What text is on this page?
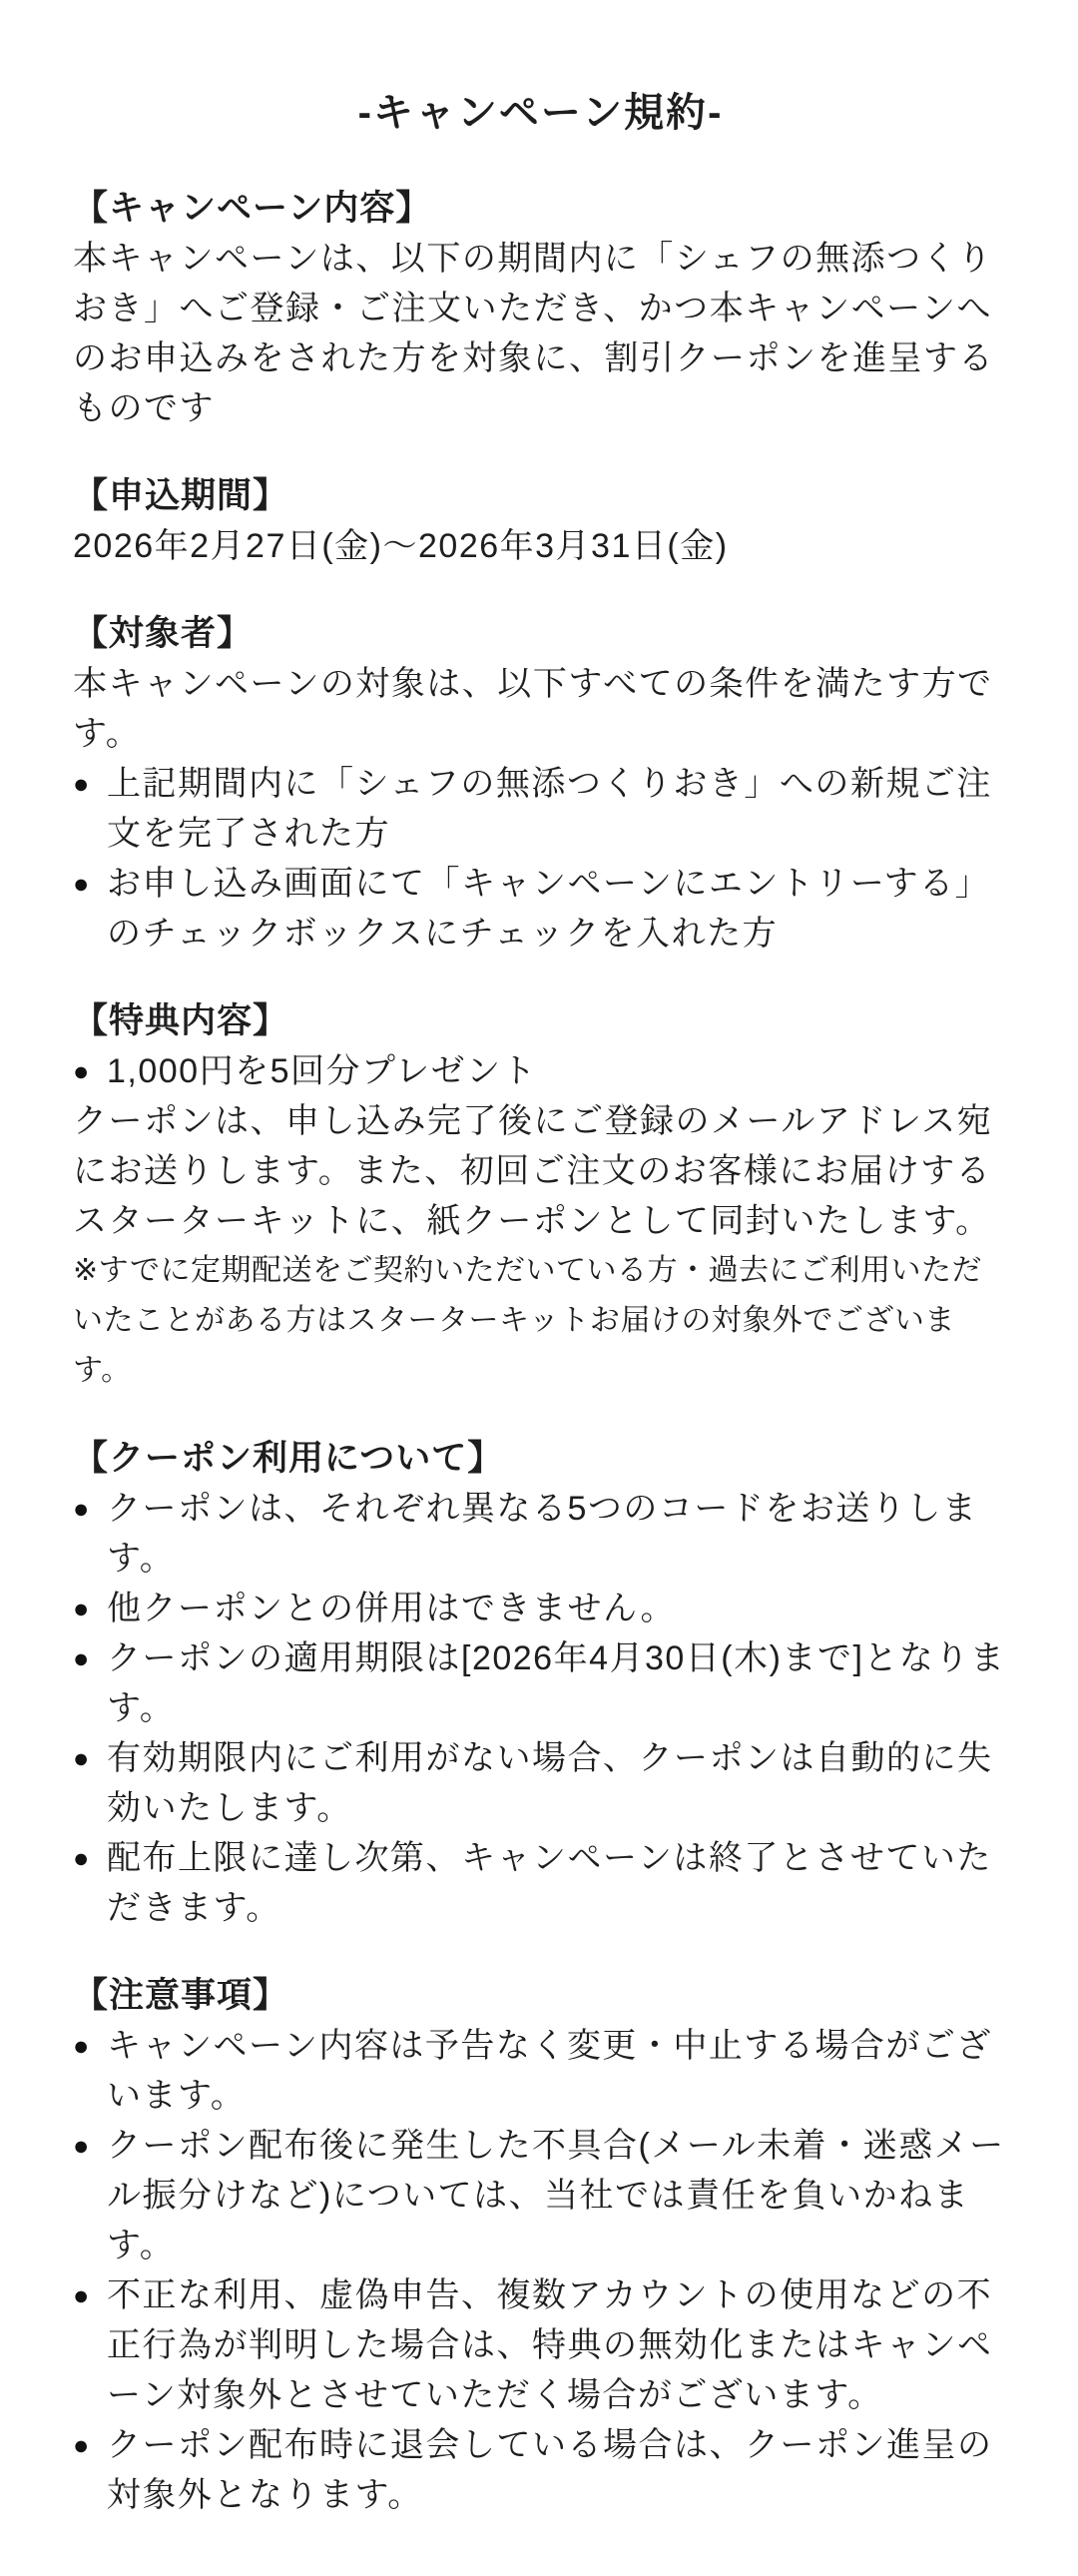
-キャンペーン規約-
【キャンペーン内容】

本キャンペーンは、以下の期間内に「シェフの無添つくりおき」へご登録・ご注文いただき、かつ本キャンペーンへのお申込みをされた方を対象に、割引クーポンを進呈するものです

【申込期間】

2026年2月27日(金)～2026年3月31日(金)

【対象者】

本キャンペーンの対象は、以下すべての条件を満たす方です。

● 上記期間内に「シェフの無添つくりおき」への新規ご注文を完了された方
● お申し込み画面にて「キャンペーンにエントリーする」のチェックボックスにチェックを入れた方
【特典内容】
● 1,000円を5回分プレゼント

クーポンは、申し込み完了後にご登録のメールアドレス宛にお送りします。また、初回ご注文のお客様にお届けするスターターキットに、紙クーポンとして同封いたします。

※すでに定期配送をご契約いただいている方・過去にご利用いただいたことがある方はスターターキットお届けの対象外でございます。

【クーポン利用について】
● クーポンは、それぞれ異なる5つのコードをお送りします。
● 他クーポンとの併用はできません。
● クーポンの適用期限は[2026年4月30日(木)まで]となります。
● 有効期限内にご利用がない場合、クーポンは自動的に失効いたします。
● 配布上限に達し次第、キャンペーンは終了とさせていただきます。
【注意事項】
● キャンペーン内容は予告なく変更・中止する場合がございます。
● クーポン配布後に発生した不具合(メール未着・迷惑メール振分けなど)については、当社では責任を負いかねます。
● 不正な利用、虚偽申告、複数アカウントの使用などの不正行為が判明した場合は、特典の無効化またはキャンペーン対象外とさせていただく場合がございます。
● クーポン配布時に退会している場合は、クーポン進呈の対象外となります。
